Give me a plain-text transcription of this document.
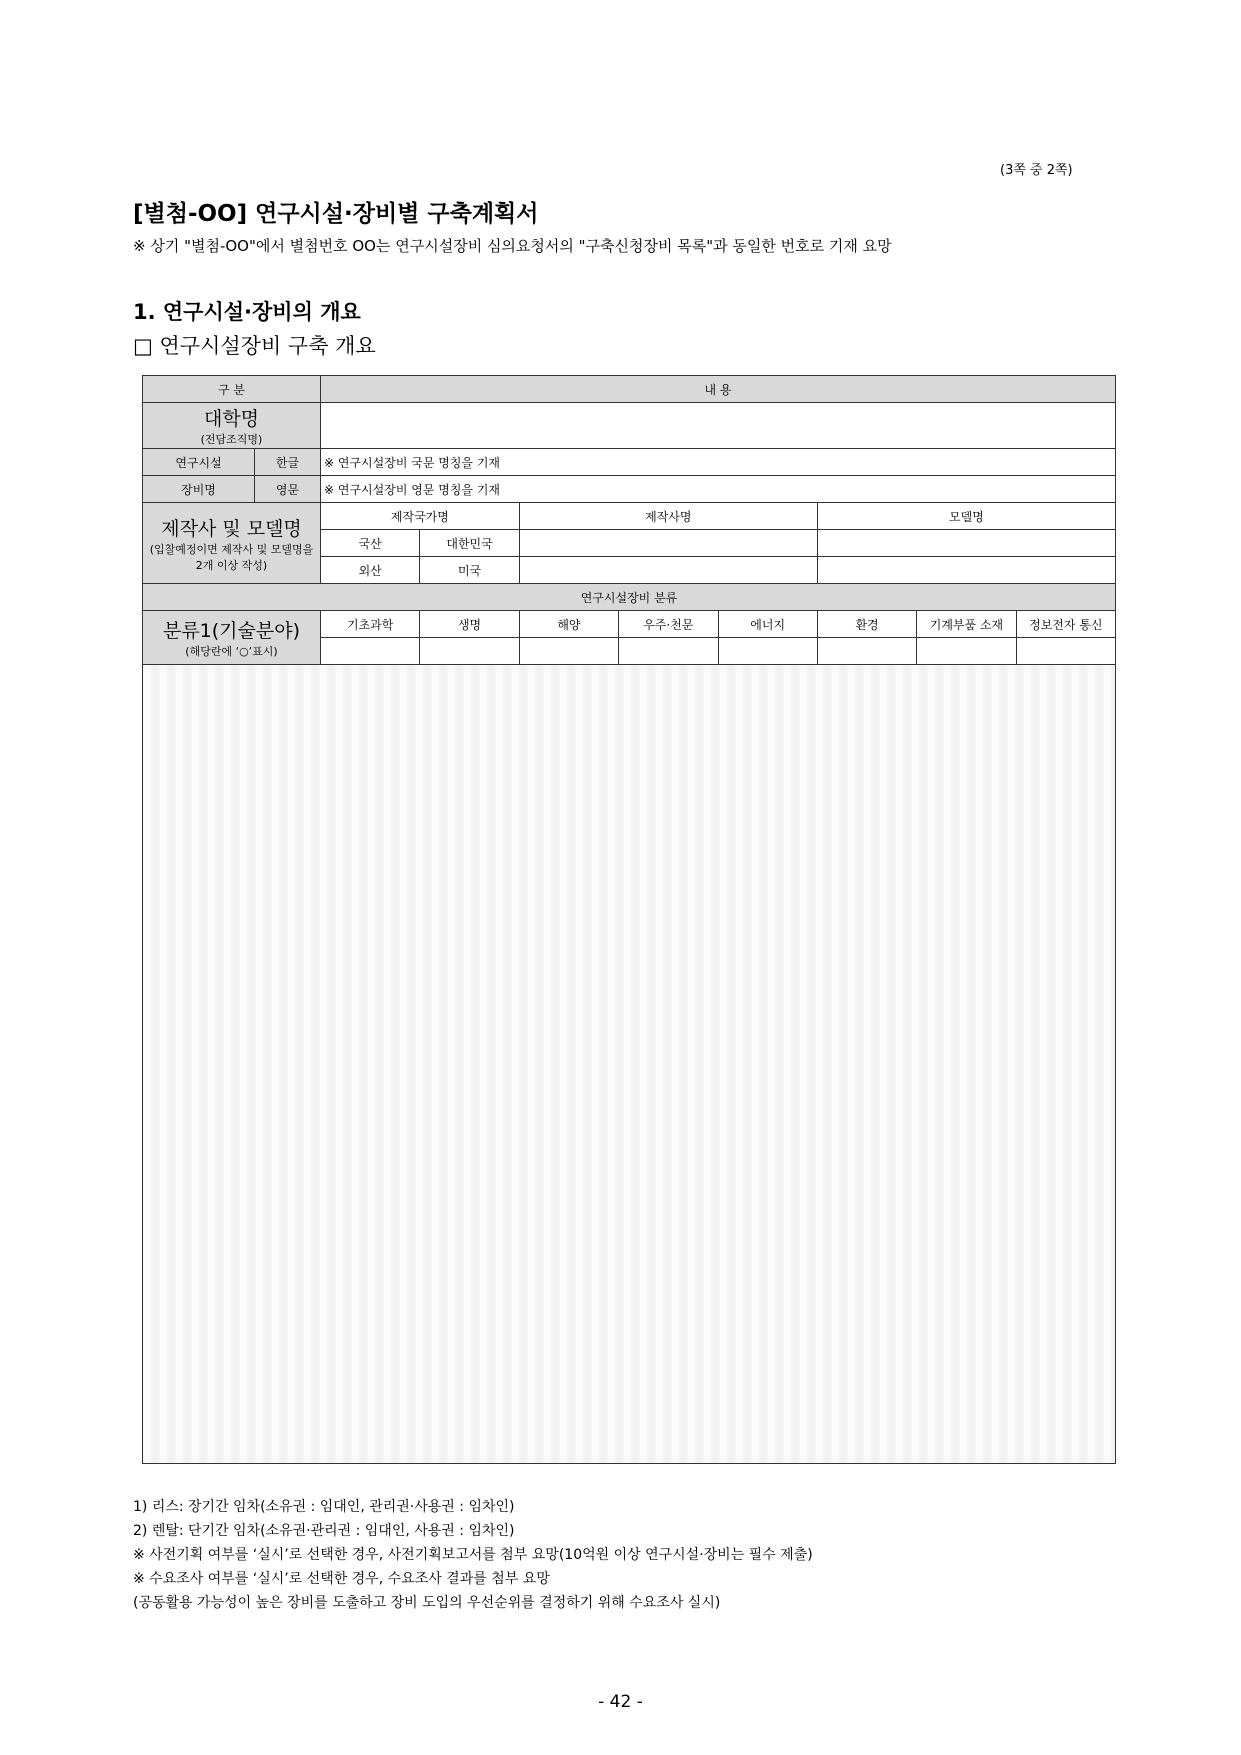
(3쪽 중 2쪽)
[별첨-OO] 연구시설·장비별 구축계획서
※ 상기 "별첨-OO"에서 별첨번호 OO는 연구시설장비 심의요청서의 "구축신청장비 목록"과 동일한 번호로 기재 요망
1. 연구시설·장비의 개요
□ 연구시설장비 구축 개요
구 분		내 용							

대학명
(전담조직명)									

연구시설	한글	※ 연구시설장비 국문 명칭을 기재							
장비명	영문	※ 연구시설장비 영문 명칭을 기재							

제작사 및 모델명
(입찰예정이면 제작사 및 모델명을 2개 이상 작성)		제작국가명		제작사명			모델명		
		국산	대한민국						
		외산	미국						
연구시설장비 분류									

분류1(기술분야)
(해당란에 ‘○’표시)		기초과학	생명	해양	우주·천문	에너지	환경	기계부품 소재	정보전자 통신

1) 리스: 장기간 임차(소유권 : 임대인, 관리권·사용권 : 임차인)
2) 렌탈: 단기간 임차(소유권·관리권 : 임대인, 사용권 : 임차인)
※ 사전기획 여부를 ‘실시’로 선택한 경우, 사전기획보고서를 첨부 요망(10억원 이상 연구시설·장비는 필수 제출)
※ 수요조사 여부를 ‘실시’로 선택한 경우, 수요조사 결과를 첨부 요망
(공동활용 가능성이 높은 장비를 도출하고 장비 도입의 우선순위를 결정하기 위해 수요조사 실시)
- 42 -
